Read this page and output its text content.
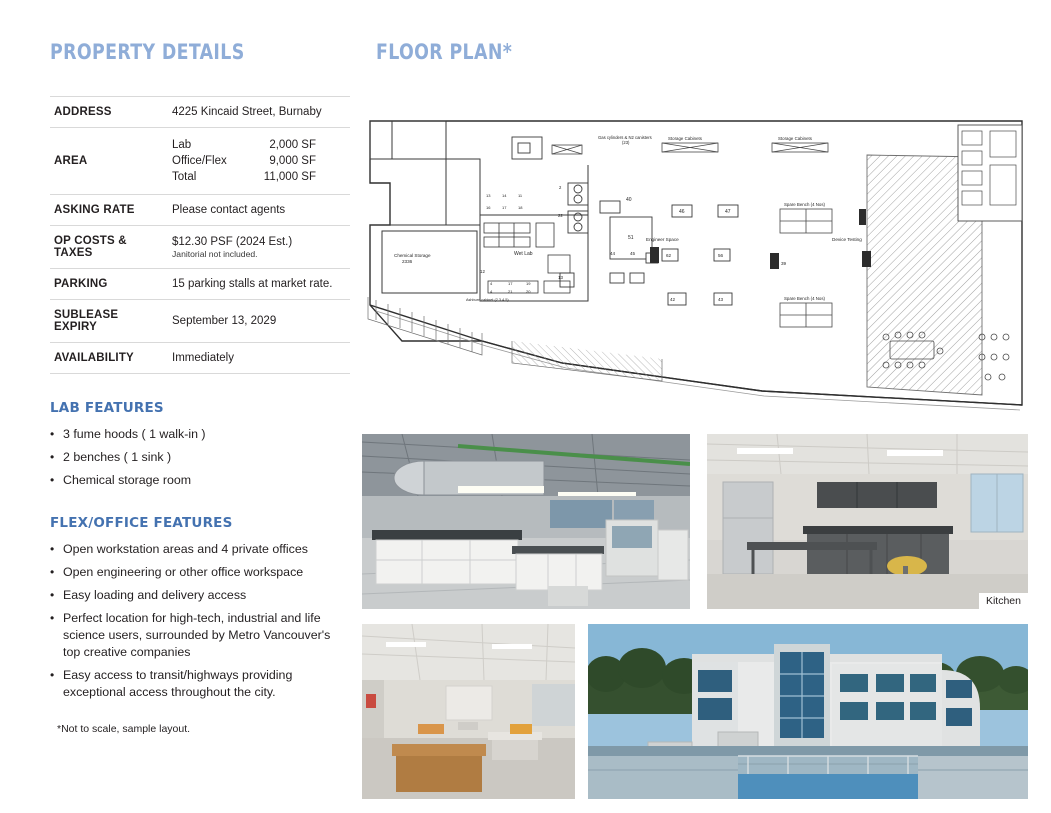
PROPERTY DETAILS
ADDRESS	4225 Kincaid Street, Burnaby
AREA	
Lab	2,000 SF
Office/Flex	9,000 SF
Total	11,000 SF

ASKING RATE	Please contact agents
OP COSTS &
TAXES	$12.30 PSF (2024 Est.)
Janitorial not included.

PARKING	15 parking stalls at market rate.
SUBLEASE
EXPIRY	September 13, 2029
AVAILABILITY	Immediately
LAB FEATURES
• 3 fume hoods ( 1 walk-in )
• 2 benches ( 1 sink )
• Chemical storage room
FLEX/OFFICE FEATURES
• Open workstation areas and 4 private offices
• Open engineering or other office workspace
• Easy loading and delivery access
• Perfect location for high-tech, industrial and life science users, surrounded by Metro Vancouver's top creative companies
• Easy access to transit/highways providing exceptional access throughout the city.
*Not to scale, sample layout.
FLOOR PLAN*
Chemical Storage
2336
Wet Lab
Gas cylinders & N2 canisters
(23)
Storage Cabinets	Storage Cabinets
Spare Bench (4 Nos)
Spare Bench (4 Nos)
Engineer Space	Device Testing
Ashburn cabinet (2,3,4,5)
2
22
40
51
46	47
62	56
39
42	43
44	45
13	14	11
16	17	18
4	17	19
4	21	20
12
13
Kitchen
